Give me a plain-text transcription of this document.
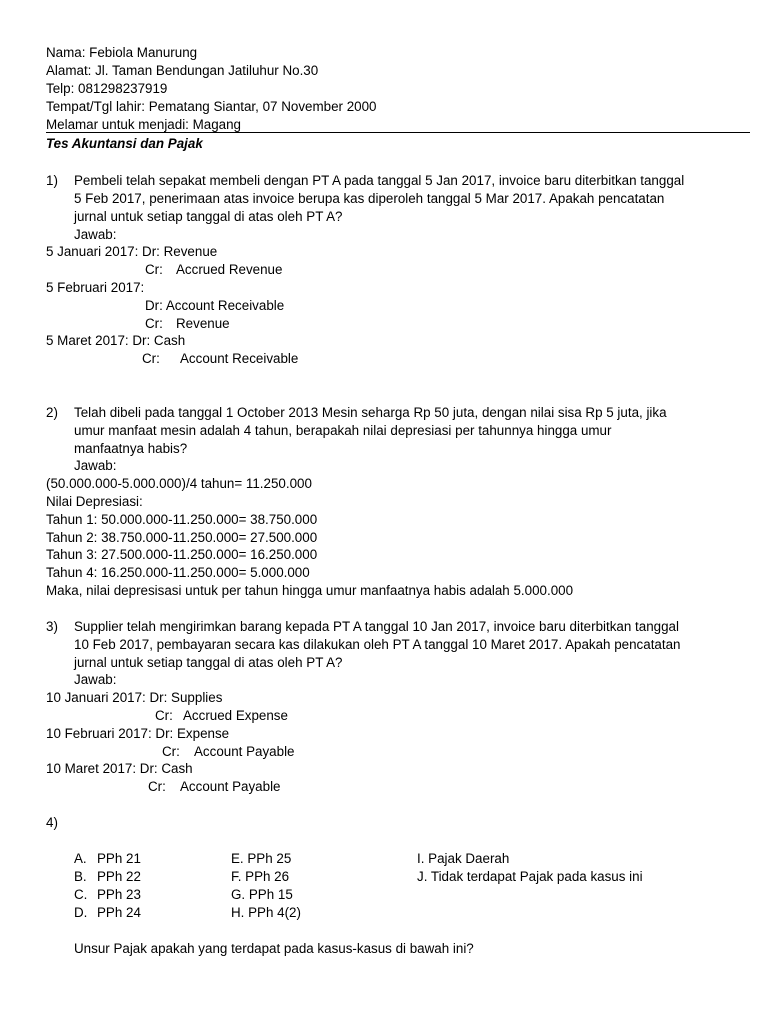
Nama: Febiola Manurung
Alamat: Jl. Taman Bendungan Jatiluhur No.30
Telp: 081298237919
Tempat/Tgl lahir: Pematang Siantar, 07 November 2000
Melamar untuk menjadi: Magang
Tes Akuntansi dan Pajak
1) Pembeli telah sepakat membeli dengan PT A pada tanggal 5 Jan 2017, invoice baru diterbitkan tanggal
5 Feb 2017, penerimaan atas invoice berupa kas diperoleh tanggal 5 Mar 2017. Apakah pencatatan
jurnal untuk setiap tanggal di atas oleh PT A?
Jawab:
5 Januari 2017: Dr: Revenue
Cr: Accrued Revenue
5 Februari 2017:
Dr: Account Receivable
Cr: Revenue
5 Maret 2017: Dr: Cash
Cr: Account Receivable
2) Telah dibeli pada tanggal 1 October 2013 Mesin seharga Rp 50 juta, dengan nilai sisa Rp 5 juta, jika
umur manfaat mesin adalah 4 tahun, berapakah nilai depresiasi per tahunnya hingga umur
manfaatnya habis?
Jawab:
(50.000.000-5.000.000)/4 tahun= 11.250.000
Nilai Depresiasi:
Tahun 1: 50.000.000-11.250.000= 38.750.000
Tahun 2: 38.750.000-11.250.000= 27.500.000
Tahun 3: 27.500.000-11.250.000= 16.250.000
Tahun 4: 16.250.000-11.250.000= 5.000.000
Maka, nilai depresisasi untuk per tahun hingga umur manfaatnya habis adalah 5.000.000
3) Supplier telah mengirimkan barang kepada PT A tanggal 10 Jan 2017, invoice baru diterbitkan tanggal
10 Feb 2017, pembayaran secara kas dilakukan oleh PT A tanggal 10 Maret 2017. Apakah pencatatan
jurnal untuk setiap tanggal di atas oleh PT A?
Jawab:
10 Januari 2017: Dr: Supplies
Cr: Accrued Expense
10 Februari 2017: Dr: Expense
Cr: Account Payable
10 Maret 2017: Dr: Cash
Cr: Account Payable
4)
A. PPh 21
B. PPh 22
C. PPh 23
D. PPh 24
E. PPh 25
F. PPh 26
G. PPh 15
H. PPh 4(2)
I. Pajak Daerah
J. Tidak terdapat Pajak pada kasus ini
Unsur Pajak apakah yang terdapat pada kasus-kasus di bawah ini?
